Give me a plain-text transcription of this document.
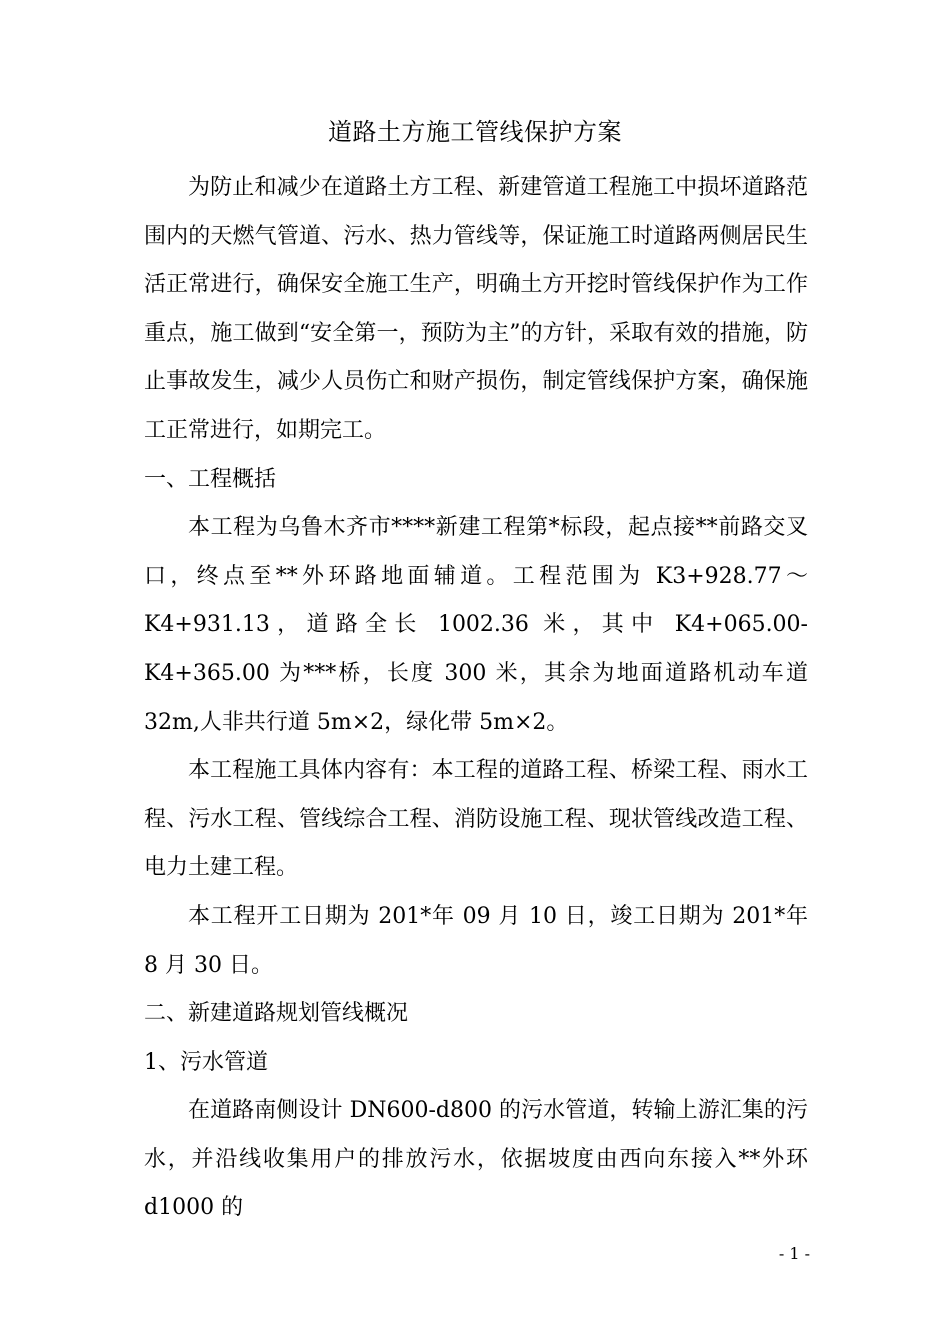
道路土方施工管线保护方案

为防止和减少在道路土方工程、新建管道工程施工中损坏道路范围内的天燃气管道、污水、热力管线等，保证施工时道路两侧居民生活正常进行，确保安全施工生产，明确土方开挖时管线保护作为工作重点，施工做到“安全第一，预防为主”的方针，采取有效的措施，防止事故发生，减少人员伤亡和财产损伤，制定管线保护方案，确保施工正常进行，如期完工。

一、工程概括

本工程为乌鲁木齐市****新建工程第*标段，起点接**前路交叉口，终点至**外环路地面辅道。工程范围为 K3+928.77～K4+931.13，道路全长 1002.36 米，其中 K4+065.00-K4+365.00 为***桥，长度 300 米，其余为地面道路机动车道 32m,人非共行道 5m×2，绿化带 5m×2。

本工程施工具体内容有：本工程的道路工程、桥梁工程、雨水工程、污水工程、管线综合工程、消防设施工程、现状管线改造工程、电力土建工程。

本工程开工日期为 201*年 09 月 10 日，竣工日期为 201*年 8 月 30 日。

二、新建道路规划管线概况

1、污水管道

在道路南侧设计 DN600-d800 的污水管道，转输上游汇集的污水，并沿线收集用户的排放污水，依据坡度由西向东接入**外环 d1000 的

- 1 -
